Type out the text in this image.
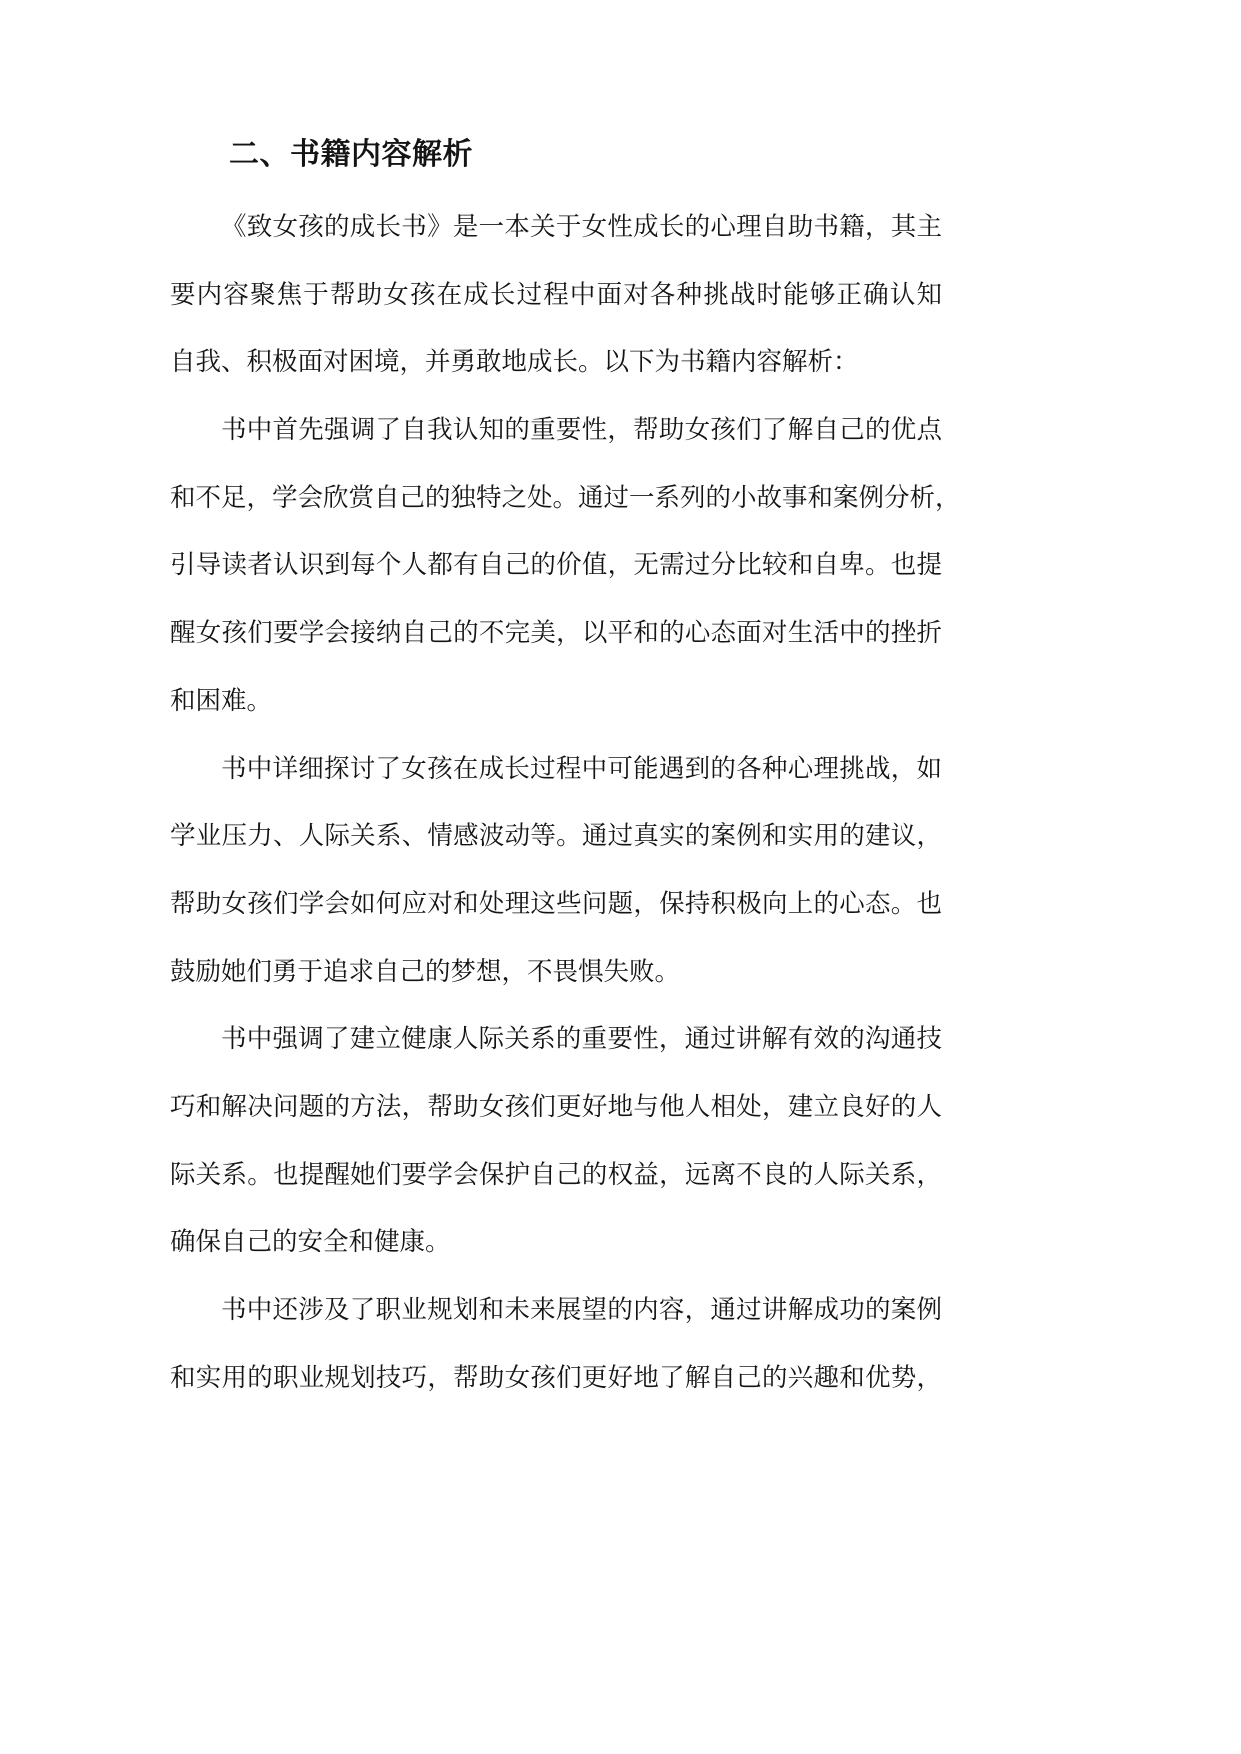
二、书籍内容解析
《致女孩的成长书》是一本关于女性成长的心理自助书籍，其主
要内容聚焦于帮助女孩在成长过程中面对各种挑战时能够正确认知
自我、积极面对困境，并勇敢地成长。以下为书籍内容解析：
书中首先强调了自我认知的重要性，帮助女孩们了解自己的优点
和不足，学会欣赏自己的独特之处。通过一系列的小故事和案例分析，
引导读者认识到每个人都有自己的价值，无需过分比较和自卑。也提
醒女孩们要学会接纳自己的不完美，以平和的心态面对生活中的挫折
和困难。
书中详细探讨了女孩在成长过程中可能遇到的各种心理挑战，如
学业压力、人际关系、情感波动等。通过真实的案例和实用的建议，
帮助女孩们学会如何应对和处理这些问题，保持积极向上的心态。也
鼓励她们勇于追求自己的梦想，不畏惧失败。
书中强调了建立健康人际关系的重要性，通过讲解有效的沟通技
巧和解决问题的方法，帮助女孩们更好地与他人相处，建立良好的人
际关系。也提醒她们要学会保护自己的权益，远离不良的人际关系，
确保自己的安全和健康。
书中还涉及了职业规划和未来展望的内容，通过讲解成功的案例
和实用的职业规划技巧，帮助女孩们更好地了解自己的兴趣和优势，
